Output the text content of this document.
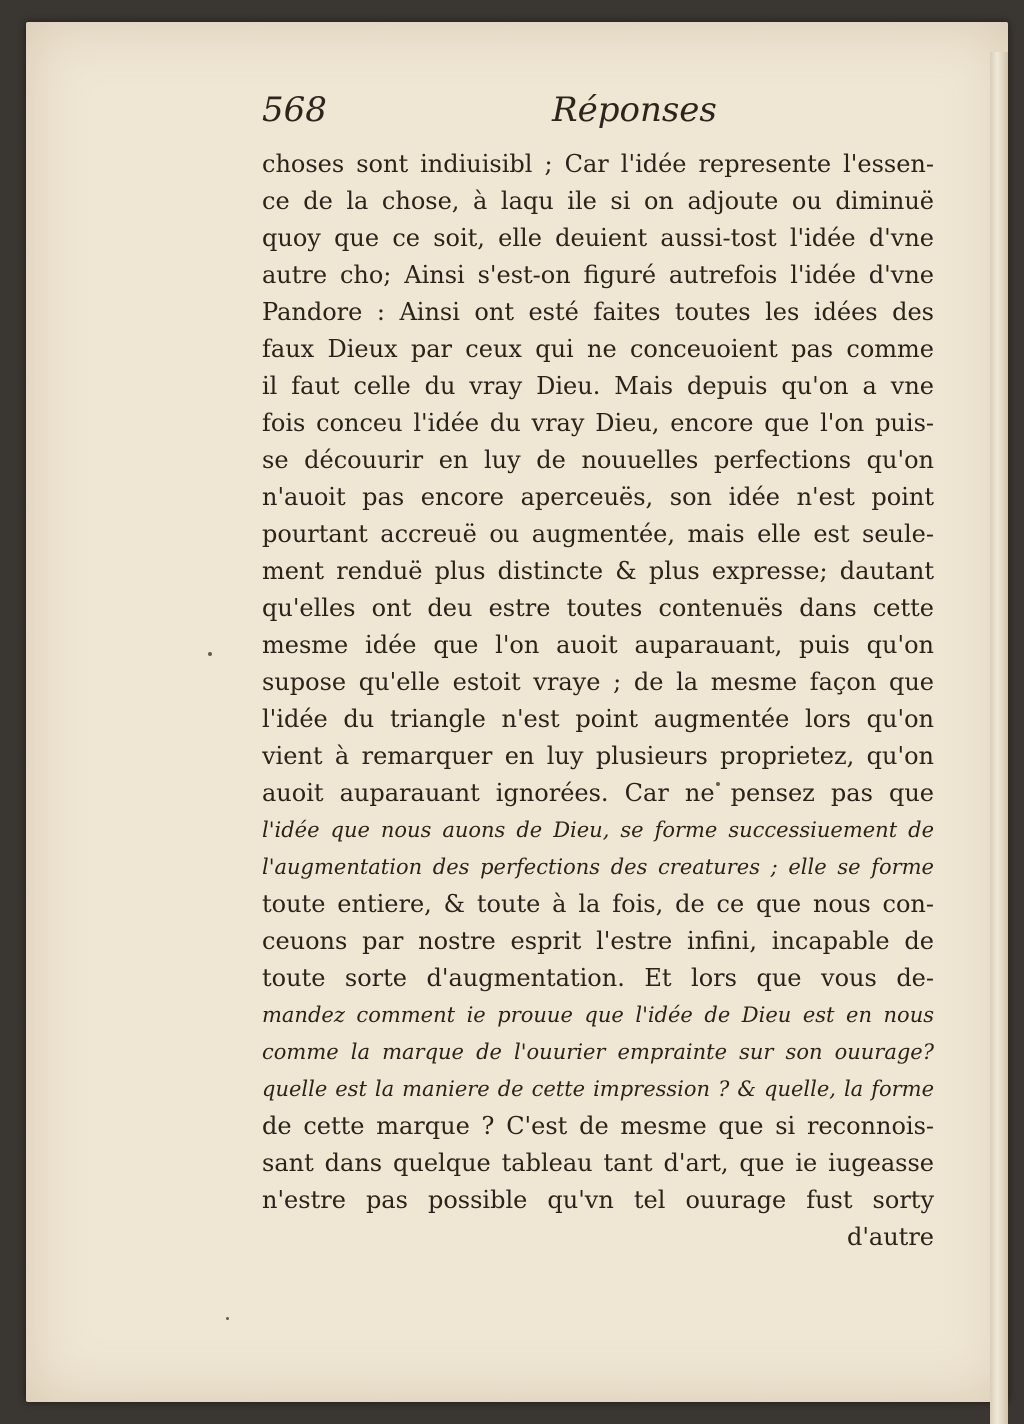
568	Réponses
choses sont indiuisibl ; Car l'idée represente l'essen-
ce de la chose, à laqu ile si on adjoute ou diminuë
quoy que ce soit, elle deuient aussi-tost l'idée d'vne
autre cho; Ainsi s'est-on figuré autrefois l'idée d'vne
Pandore : Ainsi ont esté faites toutes les idées des
faux Dieux par ceux qui ne conceuoient pas comme
il faut celle du vray Dieu. Mais depuis qu'on a vne
fois conceu l'idée du vray Dieu, encore que l'on puis-
se découurir en luy de nouuelles perfections qu'on
n'auoit pas encore aperceuës, son idée n'est point
pourtant accreuë ou augmentée, mais elle est seule-
ment renduë plus distincte & plus expresse; dautant
qu'elles ont deu estre toutes contenuës dans cette
mesme idée que l'on auoit auparauant, puis qu'on
supose qu'elle estoit vraye ; de la mesme façon que
l'idée du triangle n'est point augmentée lors qu'on
vient à remarquer en luy plusieurs proprietez, qu'on
auoit auparauant ignorées. Car ne pensez pas que
l'idée que nous auons de Dieu, se forme successiuement de
l'augmentation des perfections des creatures ; elle se forme
toute entiere, & toute à la fois, de ce que nous con-
ceuons par nostre esprit l'estre infini, incapable de
toute sorte d'augmentation. Et lors que vous de-
mandez comment ie prouue que l'idée de Dieu est en nous
comme la marque de l'ouurier emprainte sur son ouurage?
quelle est la maniere de cette impression ? & quelle, la forme
de cette marque ? C'est de mesme que si reconnois-
sant dans quelque tableau tant d'art, que ie iugeasse
n'estre pas possible qu'vn tel ouurage fust sorty
d'autre
